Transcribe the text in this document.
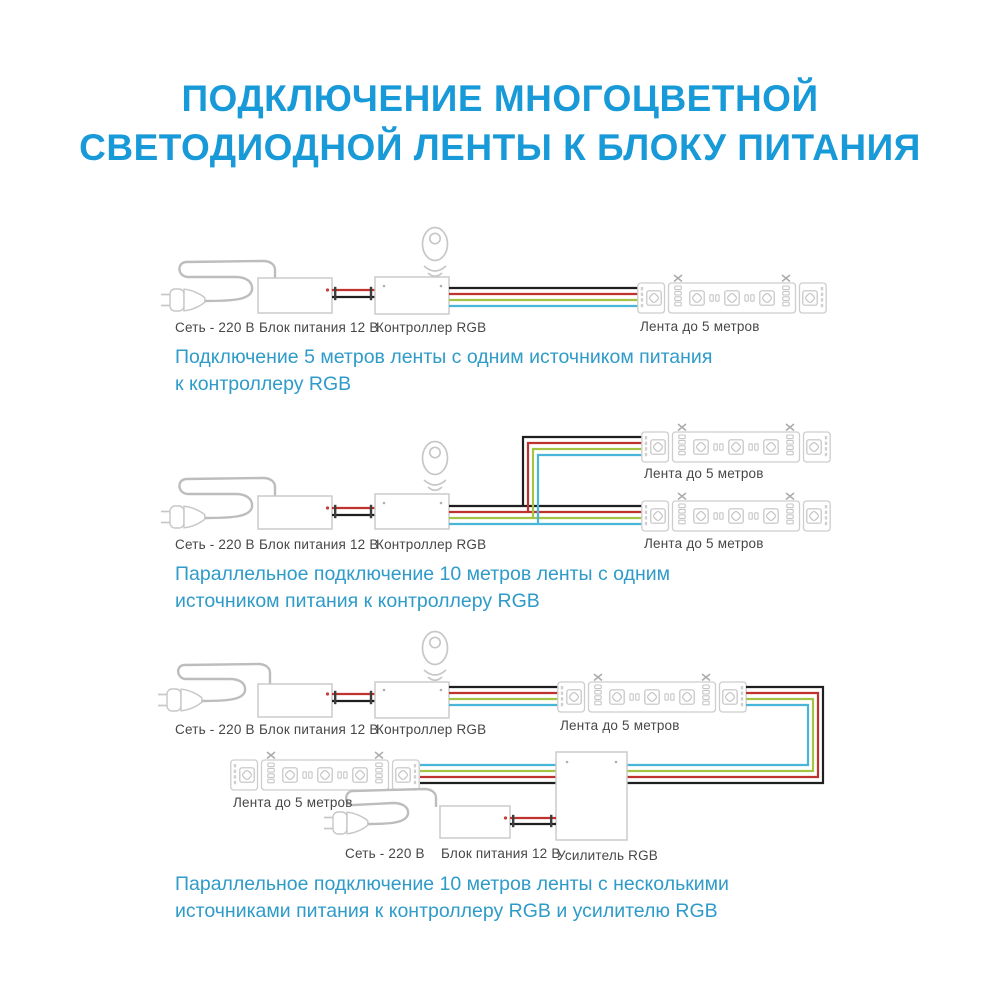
ПОДКЛЮЧЕНИЕ МНОГОЦВЕТНОЙ
СВЕТОДИОДНОЙ ЛЕНТЫ К БЛОКУ ПИТАНИЯ
Сеть - 220 В Блок питания 12 В
Контроллер RGB	Лента до 5 метров
Сеть - 220 В Блок питания 12 В
Контроллер RGB
Лента до 5 метров
Лента до 5 метров
Сеть - 220 В Блок питания 12 В
Контроллер RGB	Лента до 5 метров
Лента до 5 метров
Сеть - 220 В Блок питания 12 В
Усилитель RGB
Подключение 5 метров ленты с одним источником питания
к контроллеру RGB
Параллельное подключение 10 метров ленты с одним
источником питания к контроллеру RGB
Параллельное подключение 10 метров ленты с несколькими
источниками питания к контроллеру RGB и усилителю RGB
